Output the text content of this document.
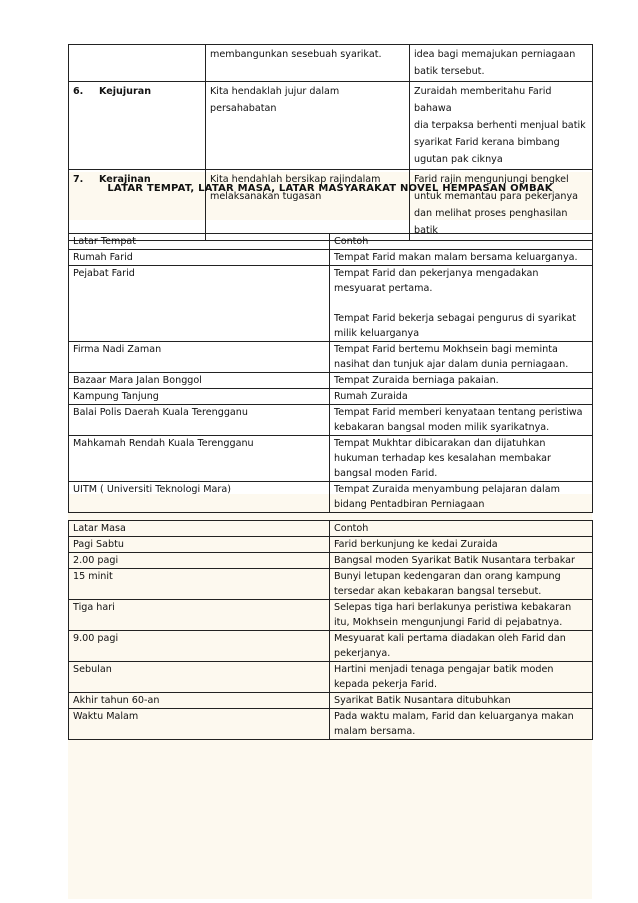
	membangunkan sesebuah syarikat.	idea bagi memajukan perniagaan
batik tersebut.

6. Kejujuran	Kita hendaklah jujur dalam
persahabatan	Zuraidah memberitahu Farid bahawa
dia terpaksa berhenti menjual batik
syarikat Farid kerana bimbang
ugutan pak ciknya

7. Kerajinan	Kita hendahlah bersikap rajindalam
melaksanakan tugasan	Farid rajin mengunjungi bengkel
untuk memantau para pekerjanya
dan melihat proses penghasilan batik
LATAR TEMPAT, LATAR MASA, LATAR MASYARAKAT NOVEL HEMPASAN OMBAK
Latar Tempat	Contoh
Rumah Farid	Tempat Farid makan malam bersama keluarganya.

Pejabat Farid	Tempat Farid dan pekerjanya mengadakan
mesyuarat pertama.
Tempat Farid bekerja sebagai pengurus di syarikat
milik keluarganya

Firma Nadi Zaman	Tempat Farid bertemu Mokhsein bagi meminta
nasihat dan tunjuk ajar dalam dunia perniagaan.

Bazaar Mara Jalan Bonggol	Tempat Zuraida berniaga pakaian.

Kampung Tanjung	Rumah Zuraida

Balai Polis Daerah Kuala Terengganu	Tempat Farid memberi kenyataan tentang peristiwa
kebakaran bangsal moden milik syarikatnya.

Mahkamah Rendah Kuala Terengganu	Tempat Mukhtar dibicarakan dan dijatuhkan
hukuman terhadap kes kesalahan membakar
bangsal moden Farid.

UITM ( Universiti Teknologi Mara)	Tempat Zuraida menyambung pelajaran dalam
bidang Pentadbiran Perniagaan
Latar Masa	Contoh
Pagi Sabtu	Farid berkunjung ke kedai Zuraida

2.00 pagi	Bangsal moden Syarikat Batik Nusantara terbakar

15 minit	Bunyi letupan kedengaran dan orang kampung
tersedar akan kebakaran bangsal tersebut.

Tiga hari	Selepas tiga hari berlakunya peristiwa kebakaran
itu, Mokhsein mengunjungi Farid di pejabatnya.

9.00 pagi	Mesyuarat kali pertama diadakan oleh Farid dan
pekerjanya.

Sebulan	Hartini menjadi tenaga pengajar batik moden
kepada pekerja Farid.

Akhir tahun 60-an	Syarikat Batik Nusantara ditubuhkan

Waktu Malam	Pada waktu malam, Farid dan keluarganya makan
malam bersama.
